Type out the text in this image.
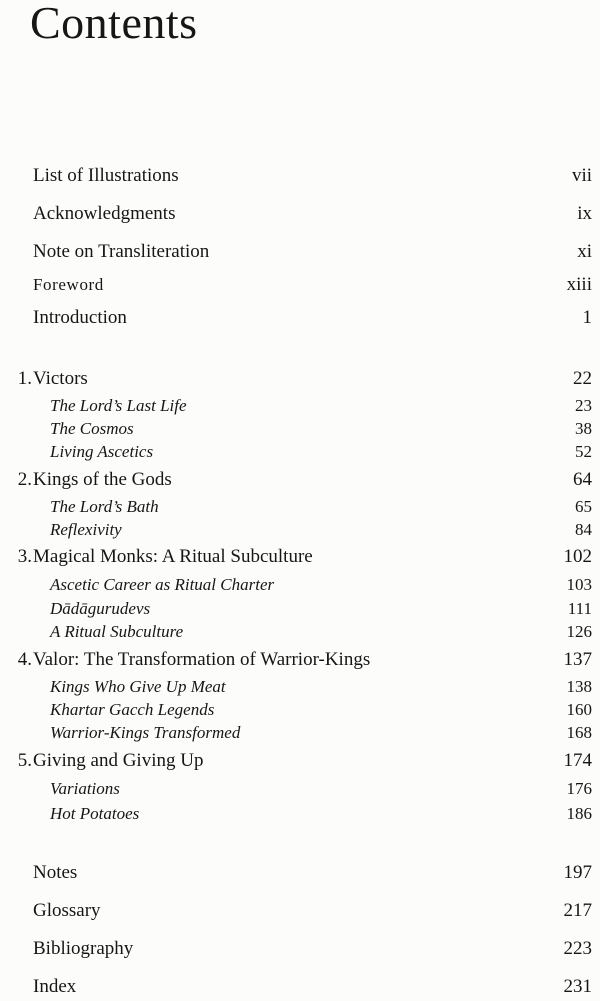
Contents
List of Illustrations	vii
Acknowledgments	ix
Note on Transliteration	xi
Foreword	xiii
Introduction	1
1. Victors	22
The Lord’s Last Life	23
The Cosmos	38
Living Ascetics	52
2. Kings of the Gods	64
The Lord’s Bath	65
Reflexivity	84
3. Magical Monks: A Ritual Subculture	102
Ascetic Career as Ritual Charter	103
Dādāgurudevs	111
A Ritual Subculture	126
4. Valor: The Transformation of Warrior-Kings	137
Kings Who Give Up Meat	138
Khartar Gacch Legends	160
Warrior-Kings Transformed	168
5. Giving and Giving Up	174
Variations	176
Hot Potatoes	186
Notes	197
Glossary	217
Bibliography	223
Index	231
